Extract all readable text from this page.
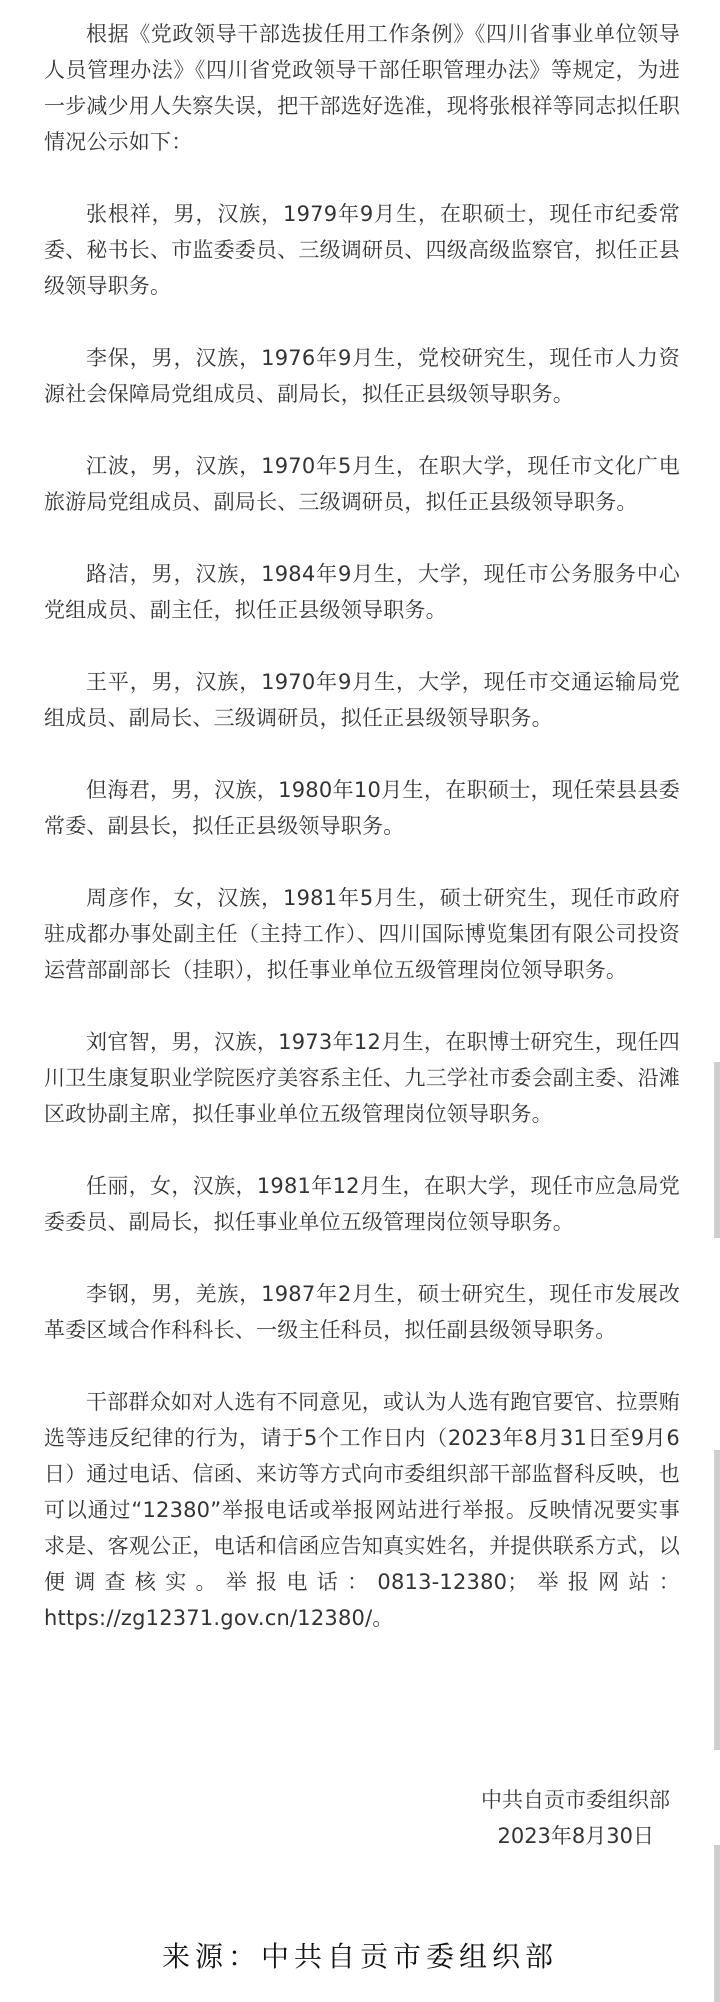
根据《党政领导干部选拔任用工作条例》《四川省事业单位领导人员管理办法》《四川省党政领导干部任职管理办法》等规定，为进一步减少用人失察失误，把干部选好选准，现将张根祥等同志拟任职情况公示如下：

张根祥，男，汉族，1979年9月生，在职硕士，现任市纪委常委、秘书长、市监委委员、三级调研员、四级高级监察官，拟任正县级领导职务。

李保，男，汉族，1976年9月生，党校研究生，现任市人力资源社会保障局党组成员、副局长，拟任正县级领导职务。

江波，男，汉族，1970年5月生，在职大学，现任市文化广电旅游局党组成员、副局长、三级调研员，拟任正县级领导职务。

路洁，男，汉族，1984年9月生，大学，现任市公务服务中心党组成员、副主任，拟任正县级领导职务。

王平，男，汉族，1970年9月生，大学，现任市交通运输局党组成员、副局长、三级调研员，拟任正县级领导职务。

但海君，男，汉族，1980年10月生，在职硕士，现任荣县县委常委、副县长，拟任正县级领导职务。

周彦作，女，汉族，1981年5月生，硕士研究生，现任市政府驻成都办事处副主任（主持工作）、四川国际博览集团有限公司投资运营部副部长（挂职），拟任事业单位五级管理岗位领导职务。

刘官智，男，汉族，1973年12月生，在职博士研究生，现任四川卫生康复职业学院医疗美容系主任、九三学社市委会副主委、沿滩区政协副主席，拟任事业单位五级管理岗位领导职务。

任丽，女，汉族，1981年12月生，在职大学，现任市应急局党委委员、副局长，拟任事业单位五级管理岗位领导职务。

李钢，男，羌族，1987年2月生，硕士研究生，现任市发展改革委区域合作科科长、一级主任科员，拟任副县级领导职务。

干部群众如对人选有不同意见，或认为人选有跑官要官、拉票贿选等违反纪律的行为，请于5个工作日内（2023年8月31日至9月6日）通过电话、信函、来访等方式向市委组织部干部监督科反映，也可以通过“12380”举报电话或举报网站进行举报。反映情况要实事求是、客观公正，电话和信函应告知真实姓名，并提供联系方式，以便调查核实。举报电话：0813-12380；举报网站：https://zg12371.gov.cn/12380/。

中共自贡市委组织部
2023年8月30日
来源：中共自贡市委组织部
